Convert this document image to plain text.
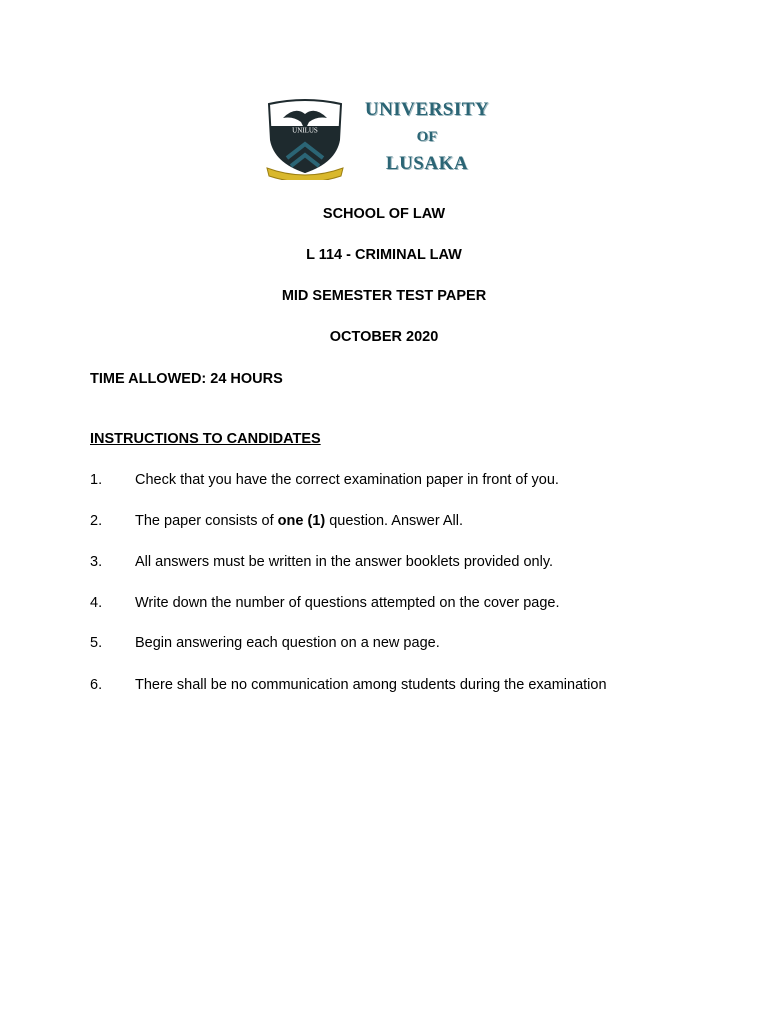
UNILUS
UNIVERSITY
OF
LUSAKA
SCHOOL OF LAW
L 114 - CRIMINAL LAW
MID SEMESTER TEST PAPER
OCTOBER 2020
TIME ALLOWED: 24 HOURS
INSTRUCTIONS TO CANDIDATES
1. Check that you have the correct examination paper in front of you.
2. The paper consists of one (1) question. Answer All.
3. All answers must be written in the answer booklets provided only.
4. Write down the number of questions attempted on the cover page.
5. Begin answering each question on a new page.
6. There shall be no communication among students during the examination
